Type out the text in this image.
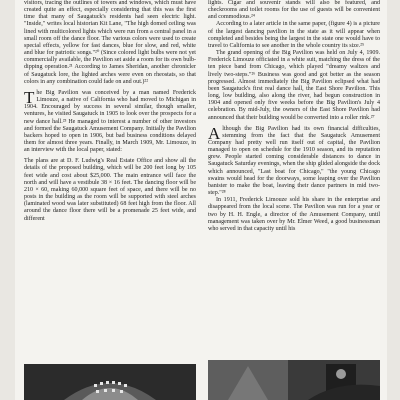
visitors, tracing the outlines of towers and windows, which must have created quite an effect, especially considering that this was the first time that many of Saugatuck's residents had seen electric light. "Inside," writes local historian Kit Lane, "The high domed ceiling was lined with multicolored lights which were run from a central panel in a small room off the dance floor. The various colors were used to create special effects, yellow for fast dances, blue for slow, and red, white and blue for patriotic songs."²⁰ (Since colored light bulbs were not yet commercially available, the Pavilion set aside a room for its own bulb-dipping operation.²¹ According to James Sheridan, another chronicler of Saugatuck lore, the lighted arches were even on rheostats, so that colors in any combination could fade on and out.)²²

The Big Pavilion was conceived by a man named Frederick Limouze, a native of California who had moved to Michigan in 1904. Encouraged by success in several similar, though smaller, ventures, he visited Saugatuck in 1905 to look over the prospects for a new dance hall.²³ He managed to interest a number of other investors and formed the Saugatuck Amusement Company. Initially the Pavilion backers hoped to open in 1906, but bad business conditions delayed them for almost three years. Finally, in March 1909, Mr. Limouze, in an interview with the local paper, stated:

The plans are at D. F. Ludwig's Real Estate Office and show all the details of the proposed building, which will be 200 feet long by 105 feet wide and cost about $25,000. The main entrance will face the north and will have a vestibule 38 × 16 feet. The dancing floor will be 210 × 60, making 60,000 square feet of space, and there will be no posts in the building as the room will be supported with steel arches (laminated wood was later substituted) 68 feet high from the floor. All around the dance floor there will be a promenade 25 feet wide, and different

lights. Cigar and souvenir stands will also be featured, and checkrooms and toilet rooms for the use of guests will be convenient and commodious.²⁴

According to a later article in the same paper, (figure 4) is a picture of the largest dancing pavilion in the state as it will appear when completed and besides being the largest in the state one would have to travel to California to see another in the whole country its size.²⁵

The grand opening of the Big Pavilion was held on July 4, 1909. Frederick Limouze officiated in a white suit, matching the dress of the ten piece band from Chicago, which played "dreamy waltzes and lively two-steps."²⁶ Business was good and got better as the season progressed. Almost immediately the Big Pavilion eclipsed what had been Saugatuck's first real dance hall, the East Shore Pavilion. This long, low building, also along the river, had begun construction in 1904 and opened only five weeks before the Big Pavilion's July 4 celebration. By mid-July, the owners of the East Shore Pavilion had announced that their building would be converted into a roller rink.²⁷

Although the Big Pavilion had its own financial difficulties, stemming from the fact that the Saugatuck Amusement Company had pretty well run itself out of capital, the Pavilion managed to open on schedule for the 1910 season, and its reputation grew. People started coming considerable distances to dance in Saugatuck Saturday evenings, when the ship glided alongside the dock which announced, "Last boat for Chicago," "the young Chicago swains would head for the doorways, some leaping over the Pavilion banister to make the boat, leaving their dance partners in mid two-step."²⁸

In 1911, Frederick Limouze sold his share in the enterprise and disappeared from the local scene. The Pavilion was run for a year or two by H. H. Engle, a director of the Amusement Company, until management was taken over by Mr. Elmer Weed, a good businessman who served in that capacity until his
